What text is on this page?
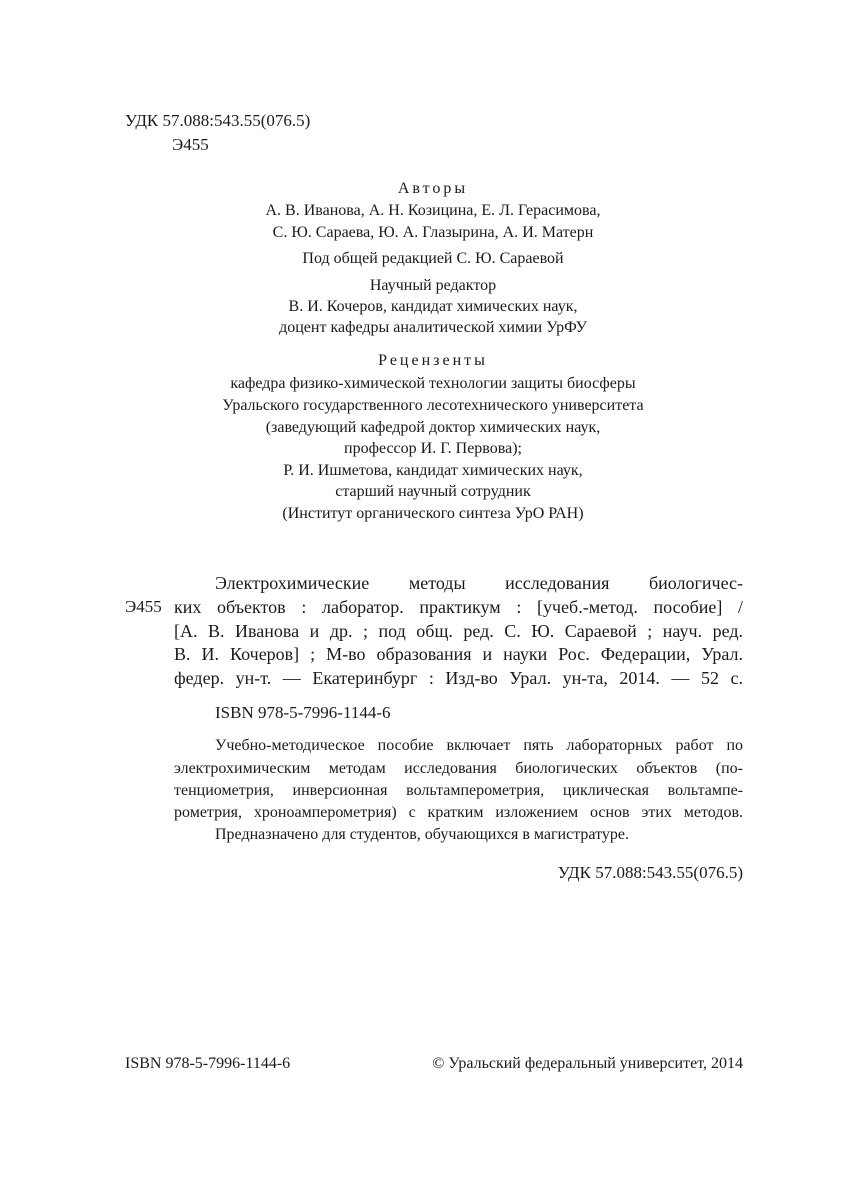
УДК 57.088:543.55(076.5)
Э455
Авторы
А. В. Иванова, А. Н. Козицина, Е. Л. Герасимова,
С. Ю. Сараева, Ю. А. Глазырина, А. И. Матерн
Под общей редакцией С. Ю. Сараевой
Научный редактор
В. И. Кочеров, кандидат химических наук,
доцент кафедры аналитической химии УрФУ
Рецензенты
кафедра физико-химической технологии защиты биосферы
Уральского государственного лесотехнического университета
(заведующий кафедрой доктор химических наук,
профессор И. Г. Первова);
Р. И. Ишметова, кандидат химических наук,
старший научный сотрудник
(Институт органического синтеза УрО РАН)
Э455
Электрохимические методы исследования биологичес-
ких объектов : лаборатор. практикум : [учеб.-метод. пособие] /
[А. В. Иванова и др. ; под общ. ред. С. Ю. Сараевой ; науч. ред.
В. И. Кочеров] ; М-во образования и науки Рос. Федерации, Урал.
федер. ун-т. — Екатеринбург : Изд-во Урал. ун-та, 2014. — 52 с.
ISBN 978-5-7996-1144-6
Учебно-методическое пособие включает пять лабораторных работ по
электрохимическим методам исследования биологических объектов (по-
тенциометрия, инверсионная вольтамперометрия, циклическая вольтампе-
рометрия, хроноамперометрия) с кратким изложением основ этих методов.
Предназначено для студентов, обучающихся в магистратуре.
УДК 57.088:543.55(076.5)
ISBN 978-5-7996-1144-6	© Уральский федеральный университет, 2014
